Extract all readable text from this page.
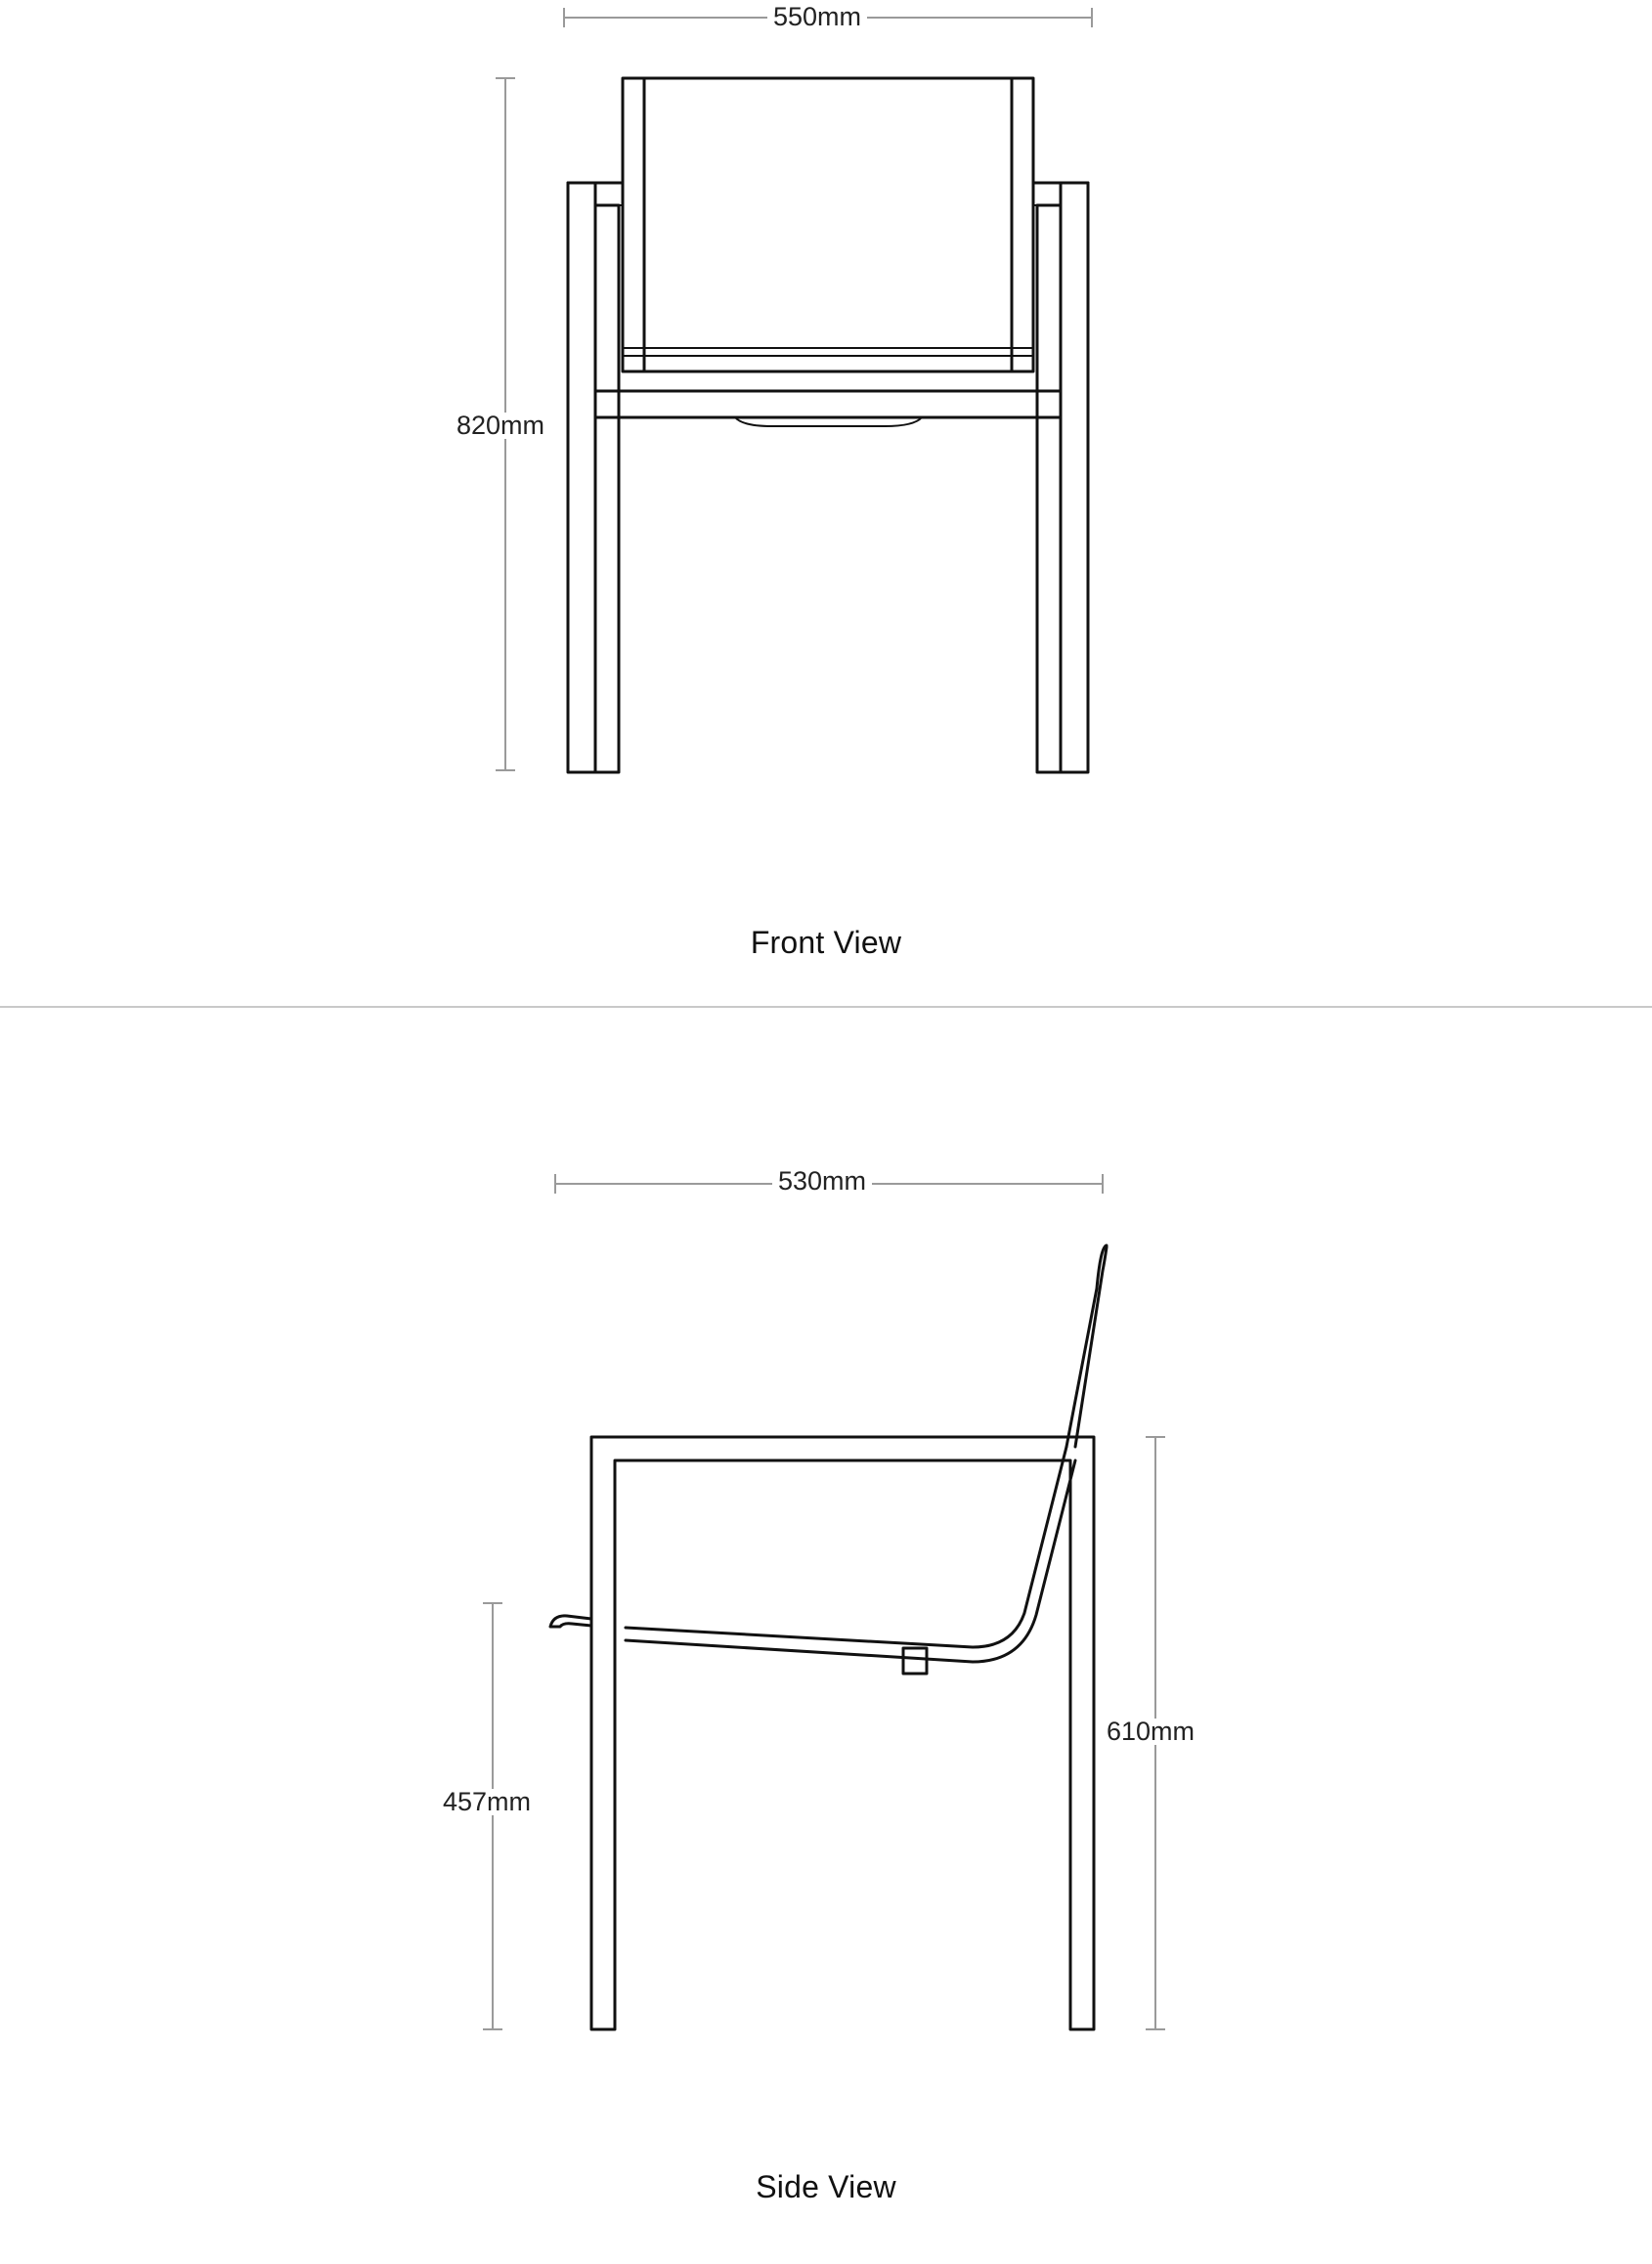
550mm
820mm
Front View
530mm
457mm
610mm
Side View
